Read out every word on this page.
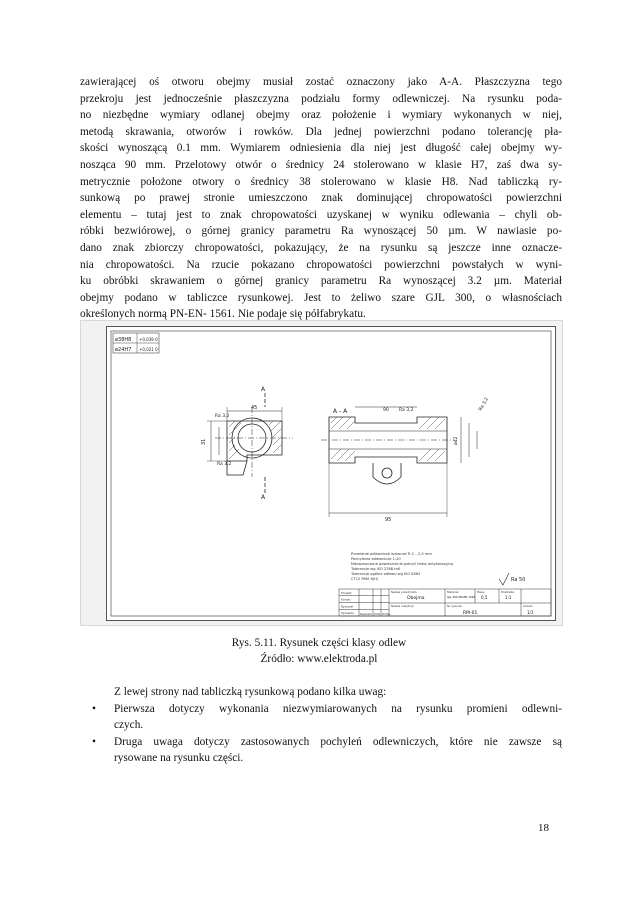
zawierającej oś otworu obejmy musiał zostać oznaczony jako A-A. Płaszczyzna tego
przekroju jest jednocześnie płaszczyzna podziału formy odlewniczej. Na rysunku poda-
no niezbędne wymiary odlanej obejmy oraz położenie i wymiary wykonanych w niej,
metodą skrawania, otworów i rowków. Dla jednej powierzchni podano tolerancję pła-
skości wynoszącą 0.1 mm. Wymiarem odniesienia dla niej jest długość całej obejmy wy-
nosząca 90 mm. Przelotowy otwór o średnicy 24 stolerowano w klasie H7, zaś dwa sy-
metrycznie położone otwory o średnicy 38 stolerowano w klasie H8. Nad tabliczką ry-
sunkową po prawej stronie umieszczono znak dominującej chropowatości powierzchni
elementu – tutaj jest to znak chropowatości uzyskanej w wyniku odlewania – chyli ob-
róbki bezwiórowej, o górnej granicy parametru Ra wynoszącej 50 µm. W nawiasie po-
dano znak zbiorczy chropowatości, pokazujący, że na rysunku są jeszcze inne oznacze-
nia chropowatości. Na rzucie pokazano chropowatości powierzchni powstałych w wyni-
ku obróbki skrawaniem o górnej granicy parametru Ra wynoszącej 3.2 µm. Materiał
obejmy podano w tabliczce rysunkowej. Jest to żeliwo szare GJL 300, o własnościach
określonych normą PN-EN- 1561. Nie podaje się półfabrykatu.
ø38H8 +0,039 0
ø24H7 +0,021 0
A
A
45
31
Ra 3,2
Ra 3,2
A - A	90 Ra 3,2
95
ø42
Ra 3,2
Ra 50
Promienie odlewnicze wykonać R 2 – 2,5 mm
Pochylenia odlewnicze 1:20
Niezaznaczone powierzchnie pokryć farbą antykorozyjną
Tolerancje wg ISO 2768-mK
Tolerancje ogólne odlewu wg ISO 8062
CT12 RMA 6(H)
Projekt.
Konstr.
Rysował
Sprawdz. Nazwisko Data Podpis
Nazwa przedmiotu
Obejma
Materiał
GJL 300 PN-EN 1561
Masa
0,5
Podziałka
1:1
Nazwa instytucji	Nr rysunku
RM-01
Arkusz
1/1
Rys. 5.11. Rysunek części klasy odlew
Źródło: www.elektroda.pl
Z lewej strony nad tabliczką rysunkową podano kilka uwag:
• Pierwsza dotyczy wykonania niezwymiarowanych na rysunku promieni odlewni-
czych.
• Druga uwaga dotyczy zastosowanych pochyleń odlewniczych, które nie zawsze są
rysowane na rysunku części.
18
